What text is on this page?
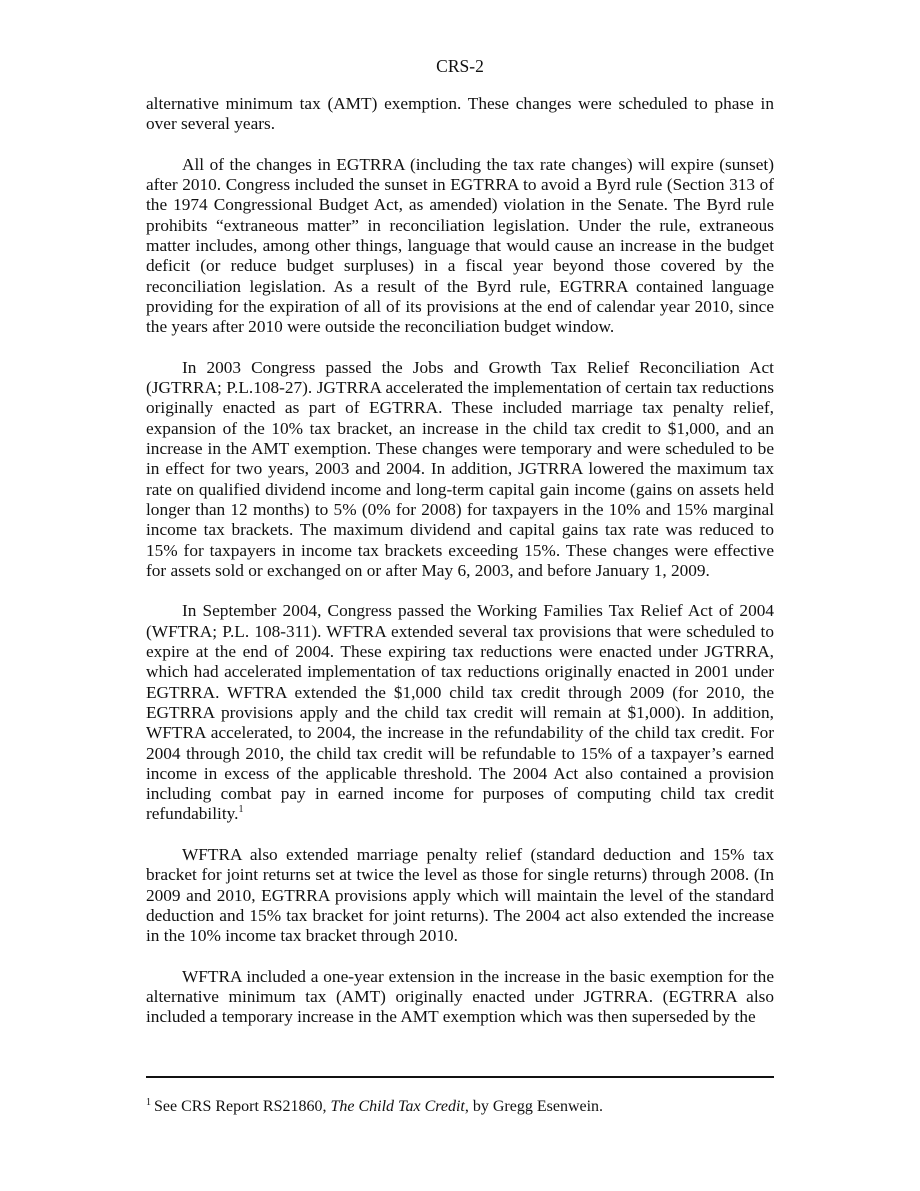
CRS-2

alternative minimum tax (AMT) exemption. These changes were scheduled to phase in over several years.

All of the changes in EGTRRA (including the tax rate changes) will expire (sunset) after 2010. Congress included the sunset in EGTRRA to avoid a Byrd rule (Section 313 of the 1974 Congressional Budget Act, as amended) violation in the Senate. The Byrd rule prohibits “extraneous matter” in reconciliation legislation. Under the rule, extraneous matter includes, among other things, language that would cause an increase in the budget deficit (or reduce budget surpluses) in a fiscal year beyond those covered by the reconciliation legislation. As a result of the Byrd rule, EGTRRA contained language providing for the expiration of all of its provisions at the end of calendar year 2010, since the years after 2010 were outside the reconciliation budget window.

In 2003 Congress passed the Jobs and Growth Tax Relief Reconciliation Act (JGTRRA; P.L.108-27). JGTRRA accelerated the implementation of certain tax reductions originally enacted as part of EGTRRA. These included marriage tax penalty relief, expansion of the 10% tax bracket, an increase in the child tax credit to $1,000, and an increase in the AMT exemption. These changes were temporary and were scheduled to be in effect for two years, 2003 and 2004. In addition, JGTRRA lowered the maximum tax rate on qualified dividend income and long-term capital gain income (gains on assets held longer than 12 months) to 5% (0% for 2008) for taxpayers in the 10% and 15% marginal income tax brackets. The maximum dividend and capital gains tax rate was reduced to 15% for taxpayers in income tax brackets exceeding 15%. These changes were effective for assets sold or exchanged on or after May 6, 2003, and before January 1, 2009.

In September 2004, Congress passed the Working Families Tax Relief Act of 2004 (WFTRA; P.L. 108-311). WFTRA extended several tax provisions that were scheduled to expire at the end of 2004. These expiring tax reductions were enacted under JGTRRA, which had accelerated implementation of tax reductions originally enacted in 2001 under EGTRRA. WFTRA extended the $1,000 child tax credit through 2009 (for 2010, the EGTRRA provisions apply and the child tax credit will remain at $1,000). In addition, WFTRA accelerated, to 2004, the increase in the refundability of the child tax credit. For 2004 through 2010, the child tax credit will be refundable to 15% of a taxpayer’s earned income in excess of the applicable threshold. The 2004 Act also contained a provision including combat pay in earned income for purposes of computing child tax credit refundability.$^1$

WFTRA also extended marriage penalty relief (standard deduction and 15% tax bracket for joint returns set at twice the level as those for single returns) through 2008. (In 2009 and 2010, EGTRRA provisions apply which will maintain the level of the standard deduction and 15% tax bracket for joint returns). The 2004 act also extended the increase in the 10% income tax bracket through 2010.

WFTRA included a one-year extension in the increase in the basic exemption for the alternative minimum tax (AMT) originally enacted under JGTRRA. (EGTRRA also included a temporary increase in the AMT exemption which was then superseded by the

$^1$ See CRS Report RS21860, The Child Tax Credit, by Gregg Esenwein.
